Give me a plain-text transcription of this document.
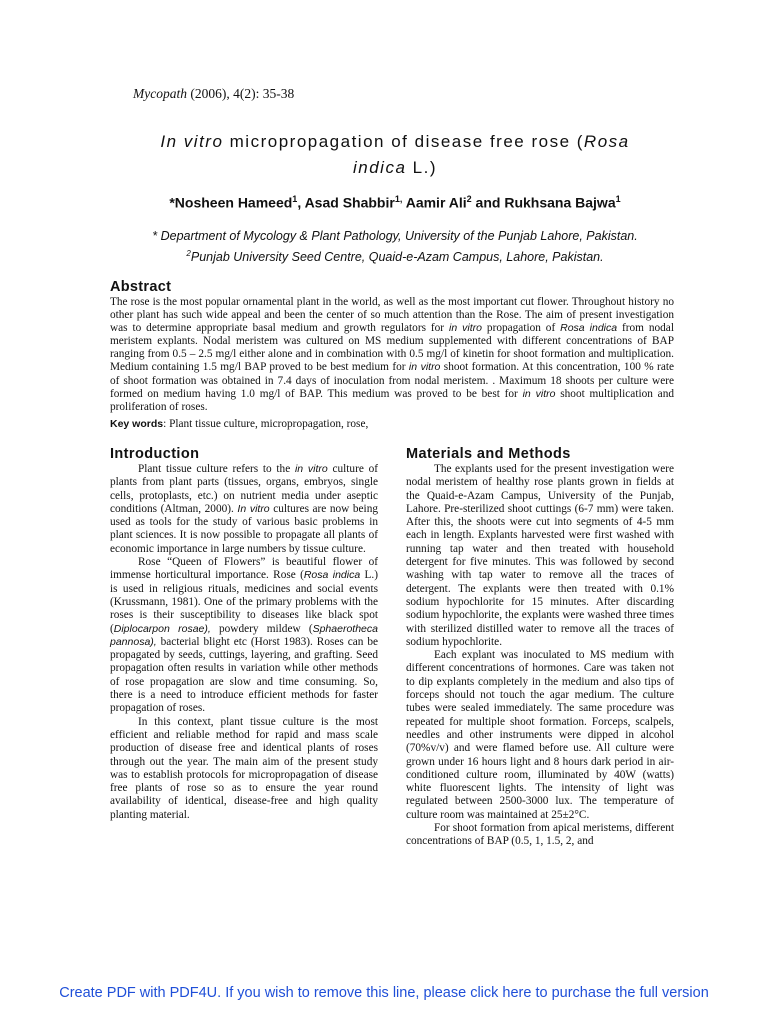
Mycopath (2006), 4(2): 35-38
In vitro micropropagation of disease free rose (Rosa
indica L.)
*Nosheen Hameed$^1$, Asad Shabbir$^{1,}$ Aamir Ali$^2$ and Rukhsana Bajwa$^1$
* Department of Mycology & Plant Pathology, University of the Punjab Lahore, Pakistan.
$^2$Punjab University Seed Centre, Quaid-e-Azam Campus, Lahore, Pakistan.
Abstract
The rose is the most popular ornamental plant in the world, as well as the most important cut flower. Throughout history no other plant has such wide appeal and been the center of so much attention than the Rose. The aim of present investigation was to determine appropriate basal medium and growth regulators for in vitro propagation of Rosa indica from nodal meristem explants. Nodal meristem was cultured on MS medium supplemented with different concentrations of BAP ranging from 0.5 – 2.5 mg/l either alone and in combination with 0.5 mg/l of kinetin for shoot formation and multiplication. Medium containing 1.5 mg/l BAP proved to be best medium for in vitro shoot formation. At this concentration, 100 % rate of shoot formation was obtained in 7.4 days of inoculation from nodal meristem. . Maximum 18 shoots per culture were formed on medium having 1.0 mg/l of BAP. This medium was proved to be best for in vitro shoot multiplication and proliferation of roses.
Key words: Plant tissue culture, micropropagation, rose,
Introduction	Materials and Methods

Plant tissue culture refers to the in vitro culture of plants from plant parts (tissues, organs, embryos, single cells, protoplasts, etc.) on nutrient media under aseptic conditions (Altman, 2000). In vitro cultures are now being used as tools for the study of various basic problems in plant sciences. It is now possible to propagate all plants of economic importance in large numbers by tissue culture.

Rose “Queen of Flowers” is beautiful flower of immense horticultural importance. Rose (Rosa indica L.) is used in religious rituals, medicines and social events (Krussmann, 1981). One of the primary problems with the roses is their susceptibility to diseases like black spot (Diplocarpon rosae), powdery mildew (Sphaerotheca pannosa), bacterial blight etc (Horst 1983). Roses can be propagated by seeds, cuttings, layering, and grafting. Seed propagation often results in variation while other methods of rose propagation are slow and time consuming. So, there is a need to introduce efficient methods for faster propagation of roses.

In this context, plant tissue culture is the most efficient and reliable method for rapid and mass scale production of disease free and identical plants of roses through out the year. The main aim of the present study was to establish protocols for micropropagation of disease free plants of rose so as to ensure the year round availability of identical, disease-free and high quality planting material.

The explants used for the present investigation were nodal meristem of healthy rose plants grown in fields at the Quaid-e-Azam Campus, University of the Punjab, Lahore. Pre-sterilized shoot cuttings (6-7 mm) were taken. After this, the shoots were cut into segments of 4-5 mm each in length. Explants harvested were first washed with running tap water and then treated with household detergent for five minutes. This was followed by second washing with tap water to remove all the traces of detergent. The explants were then treated with 0.1% sodium hypochlorite for 15 minutes. After discarding sodium hypochlorite, the explants were washed three times with sterilized distilled water to remove all the traces of sodium hypochlorite.

Each explant was inoculated to MS medium with different concentrations of hormones. Care was taken not to dip explants completely in the medium and also tips of forceps should not touch the agar medium. The culture tubes were sealed immediately. The same procedure was repeated for multiple shoot formation. Forceps, scalpels, needles and other instruments were dipped in alcohol (70%v/v) and were flamed before use. All culture were grown under 16 hours light and 8 hours dark period in air-conditioned culture room, illuminated by 40W (watts) white fluorescent lights. The intensity of light was regulated between 2500-3000 lux. The temperature of culture room was maintained at 25±2°C.

For shoot formation from apical meristems, different concentrations of BAP (0.5, 1, 1.5, 2, and

Create PDF with PDF4U. If you wish to remove this line, please click here to purchase the full version
